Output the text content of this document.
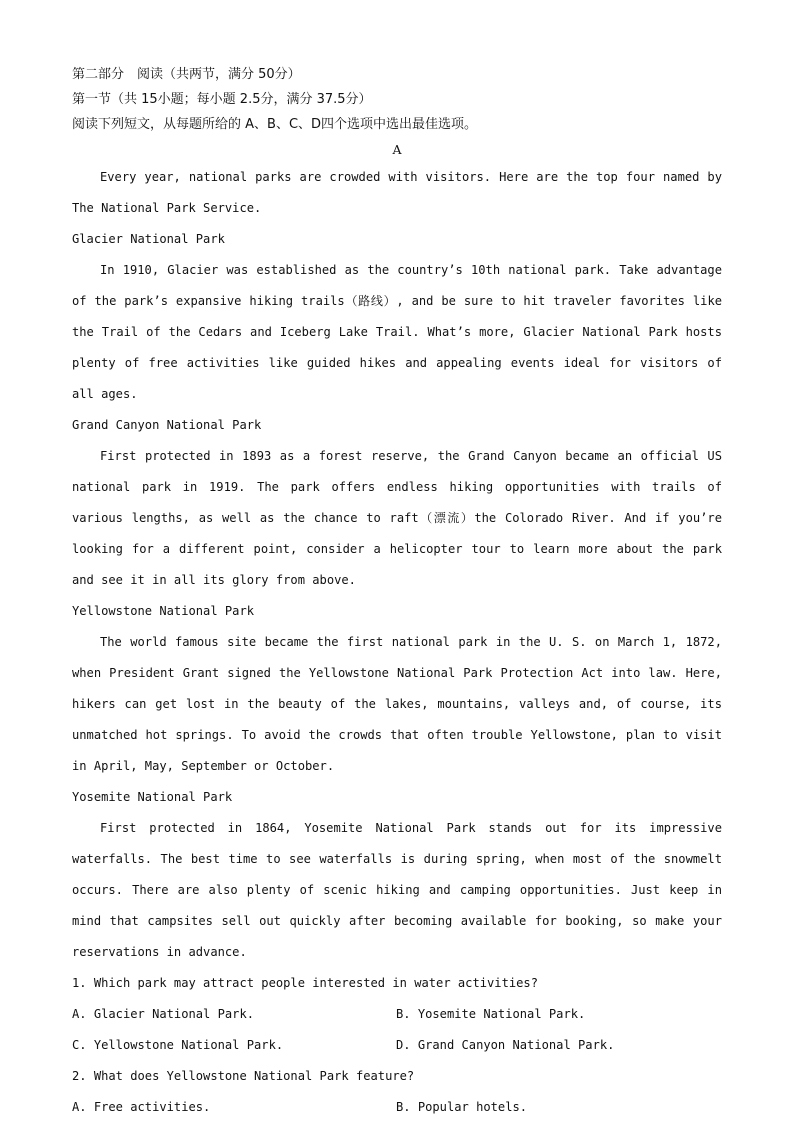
第二部分　阅读（共两节，满分 50分）
第一节（共 15小题；每小题 2.5分，满分 37.5分）
阅读下列短文，从每题所给的 A、B、C、D四个选项中选出最佳选项。
A
Every year, national parks are crowded with visitors. Here are the top four named by The National Park Service.
Glacier National Park
In 1910, Glacier was established as the country’s 10th national park. Take advantage of the park’s expansive hiking trails（路线）, and be sure to hit traveler favorites like the Trail of the Cedars and Iceberg Lake Trail. What’s more, Glacier National Park hosts plenty of free activities like guided hikes and appealing events ideal for visitors of all ages.
Grand Canyon National Park
First protected in 1893 as a forest reserve, the Grand Canyon became an official US national park in 1919. The park offers endless hiking opportunities with trails of various lengths, as well as the chance to raft（漂流）the Colorado River. And if you’re looking for a different point, consider a helicopter tour to learn more about the park and see it in all its glory from above.
Yellowstone National Park
The world famous site became the first national park in the U. S. on March 1, 1872, when President Grant signed the Yellowstone National Park Protection Act into law. Here, hikers can get lost in the beauty of the lakes, mountains, valleys and, of course, its unmatched hot springs. To avoid the crowds that often trouble Yellowstone, plan to visit in April, May, September or October.
Yosemite National Park
First protected in 1864, Yosemite National Park stands out for its impressive waterfalls. The best time to see waterfalls is during spring, when most of the snowmelt occurs. There are also plenty of scenic hiking and camping opportunities. Just keep in mind that campsites sell out quickly after becoming available for booking, so make your reservations in advance.
1. Which park may attract people interested in water activities?
A. Glacier National Park.	B. Yosemite National Park.
C. Yellowstone National Park.	D. Grand Canyon National Park.
2. What does Yellowstone National Park feature?
A. Free activities.	B. Popular hotels.
